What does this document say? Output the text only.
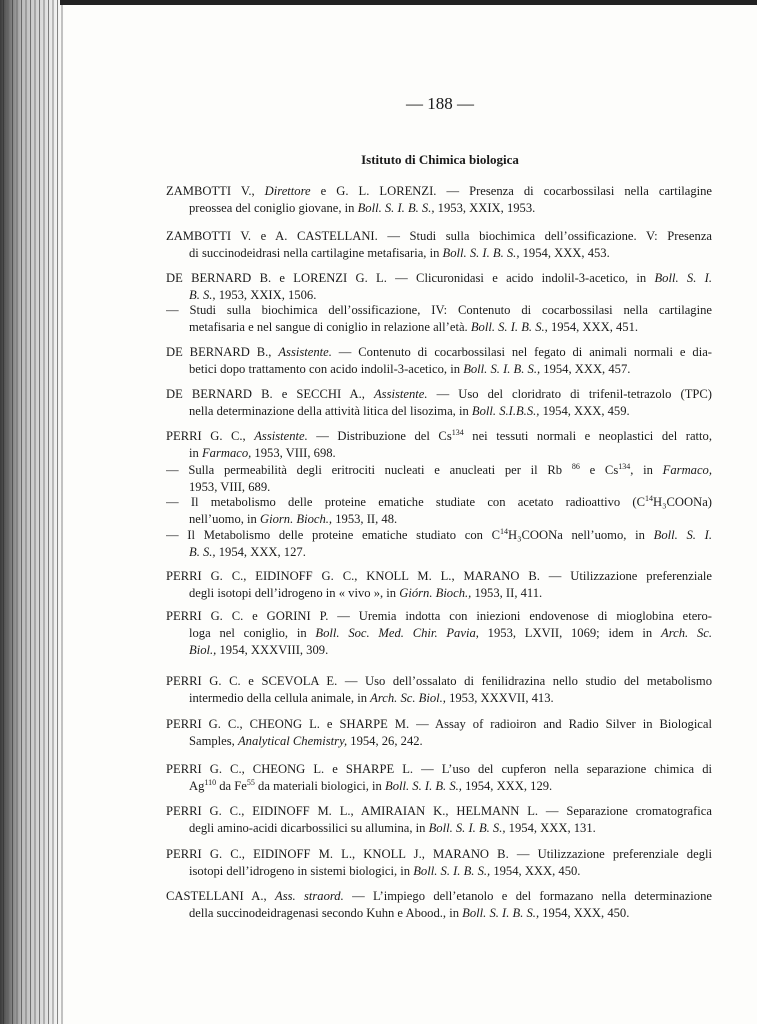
— 188 —
Istituto di Chimica biologica
ZAMBOTTI V., Direttore e G. L. LORENZI. — Presenza di cocarbossilasi nella cartilagine
preossea del coniglio giovane, in Boll. S. I. B. S., 1953, XXIX, 1953.
ZAMBOTTI V. e A. CASTELLANI. — Studi sulla biochimica dell’ossificazione. V: Presenza
di succinodeidrasi nella cartilagine metafisaria, in Boll. S. I. B. S., 1954, XXX, 453.
DE BERNARD B. e LORENZI G. L. — Clicuronidasi e acido indolil-3-acetico, in Boll. S. I.
B. S., 1953, XXIX, 1506.
— Studi sulla biochimica dell’ossificazione, IV: Contenuto di cocarbossilasi nella cartilagine
metafisaria e nel sangue di coniglio in relazione all’età. Boll. S. I. B. S., 1954, XXX, 451.
DE BERNARD B., Assistente. — Contenuto di cocarbossilasi nel fegato di animali normali e dia-
betici dopo trattamento con acido indolil-3-acetico, in Boll. S. I. B. S., 1954, XXX, 457.
DE BERNARD B. e SECCHI A., Assistente. — Uso del cloridrato di trifenil-tetrazolo (TPC)
nella determinazione della attività litica del lisozima, in Boll. S.I.B.S., 1954, XXX, 459.
PERRI G. C., Assistente. — Distribuzione del Cs$^{134}$ nei tessuti normali e neoplastici del ratto,
in Farmaco, 1953, VIII, 698.
— Sulla permeabilità degli eritrociti nucleati e anucleati per il Rb $^{86}$ e Cs$^{134}$, in Farmaco,
1953, VIII, 689.
— Il metabolismo delle proteine ematiche studiate con acetato radioattivo $(C^{14}H_3COONa)$
nell’uomo, in Giorn. Bioch., 1953, II, 48.
— Il Metabolismo delle proteine ematiche studiato con $C^{14}H_3COONa$ nell’uomo, in Boll. S. I.
B. S., 1954, XXX, 127.
PERRI G. C., EIDINOFF G. C., KNOLL M. L., MARANO B. — Utilizzazione preferenziale
degli isotopi dell’idrogeno in « vivo », in Giórn. Bioch., 1953, II, 411.
PERRI G. C. e GORINI P. — Uremia indotta con iniezioni endovenose di mioglobina etero-
loga nel coniglio, in Boll. Soc. Med. Chir. Pavia, 1953, LXVII, 1069; idem in Arch. Sc.
Biol., 1954, XXXVIII, 309.
PERRI G. C. e SCEVOLA E. — Uso dell’ossalato di fenilidrazina nello studio del metabolismo
intermedio della cellula animale, in Arch. Sc. Biol., 1953, XXXVII, 413.
PERRI G. C., CHEONG L. e SHARPE M. — Assay of radioiron and Radio Silver in Biological
Samples, Analytical Chemistry, 1954, 26, 242.
PERRI G. C., CHEONG L. e SHARPE L. — L’uso del cupferon nella separazione chimica di
Ag$^{110}$ da Fe$^{55}$ da materiali biologici, in Boll. S. I. B. S., 1954, XXX, 129.
PERRI G. C., EIDINOFF M. L., AMIRAIAN K., HELMANN L. — Separazione cromatografica
degli amino-acidi dicarbossilici su allumina, in Boll. S. I. B. S., 1954, XXX, 131.
PERRI G. C., EIDINOFF M. L., KNOLL J., MARANO B. — Utilizzazione preferenziale degli
isotopi dell’idrogeno in sistemi biologici, in Boll. S. I. B. S., 1954, XXX, 450.
CASTELLANI A., Ass. straord. — L’impiego dell’etanolo e del formazano nella determinazione
della succinodeidragenasi secondo Kuhn e Abood., in Boll. S. I. B. S., 1954, XXX, 450.
